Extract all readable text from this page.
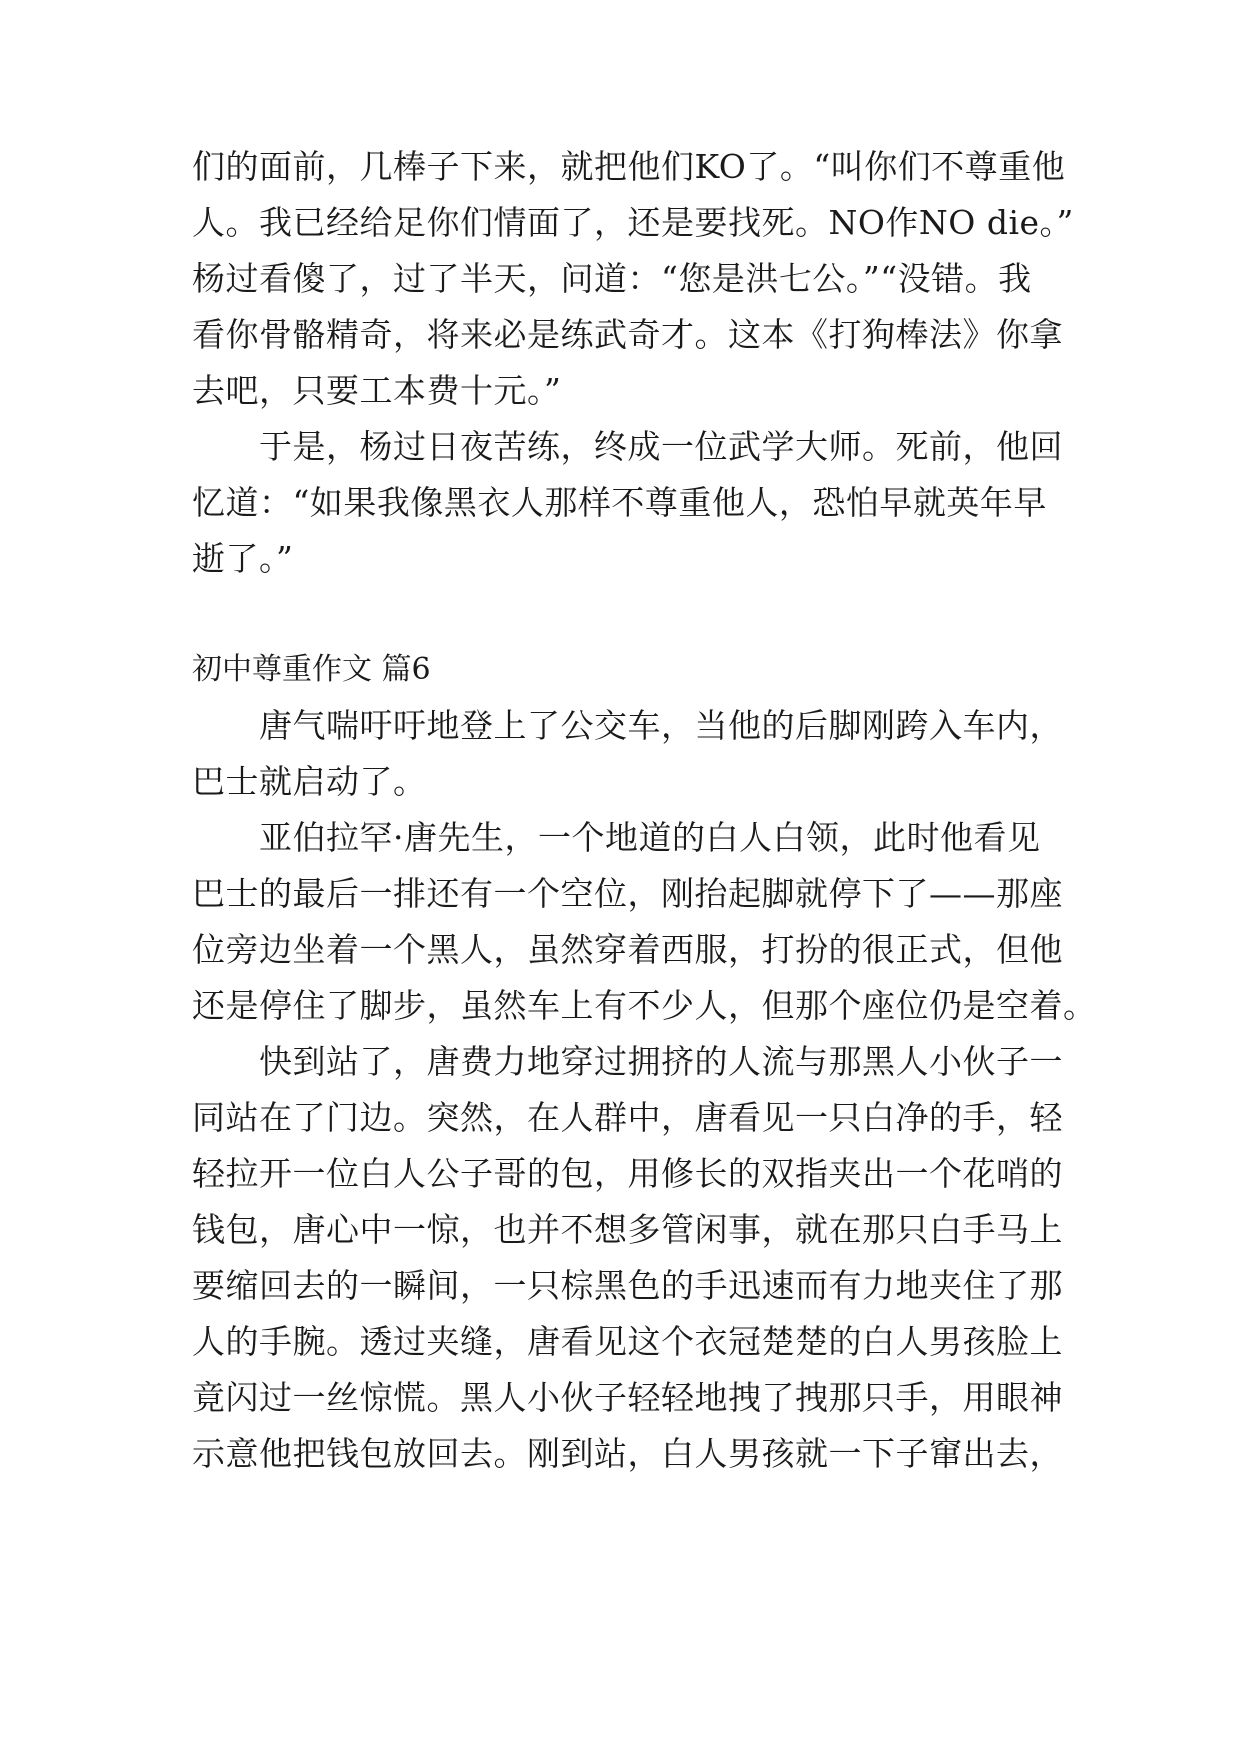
们的面前，几棒子下来，就把他们KO了。“叫你们不尊重他
人。我已经给足你们情面了，还是要找死。NO作NO die。”
杨过看傻了，过了半天，问道：“您是洪七公。”“没错。我
看你骨骼精奇，将来必是练武奇才。这本《打狗棒法》你拿
去吧，只要工本费十元。”
　　于是，杨过日夜苦练，终成一位武学大师。死前，他回
忆道：“如果我像黑衣人那样不尊重他人，恐怕早就英年早
逝了。”
初中尊重作文 篇6
　　唐气喘吁吁地登上了公交车，当他的后脚刚跨入车内，
巴士就启动了。
　　亚伯拉罕·唐先生，一个地道的白人白领，此时他看见
巴士的最后一排还有一个空位，刚抬起脚就停下了——那座
位旁边坐着一个黑人，虽然穿着西服，打扮的很正式，但他
还是停住了脚步，虽然车上有不少人，但那个座位仍是空着。
　　快到站了，唐费力地穿过拥挤的人流与那黑人小伙子一
同站在了门边。突然，在人群中，唐看见一只白净的手，轻
轻拉开一位白人公子哥的包，用修长的双指夹出一个花哨的
钱包，唐心中一惊，也并不想多管闲事，就在那只白手马上
要缩回去的一瞬间，一只棕黑色的手迅速而有力地夹住了那
人的手腕。透过夹缝，唐看见这个衣冠楚楚的白人男孩脸上
竟闪过一丝惊慌。黑人小伙子轻轻地拽了拽那只手，用眼神
示意他把钱包放回去。刚到站，白人男孩就一下子窜出去，
